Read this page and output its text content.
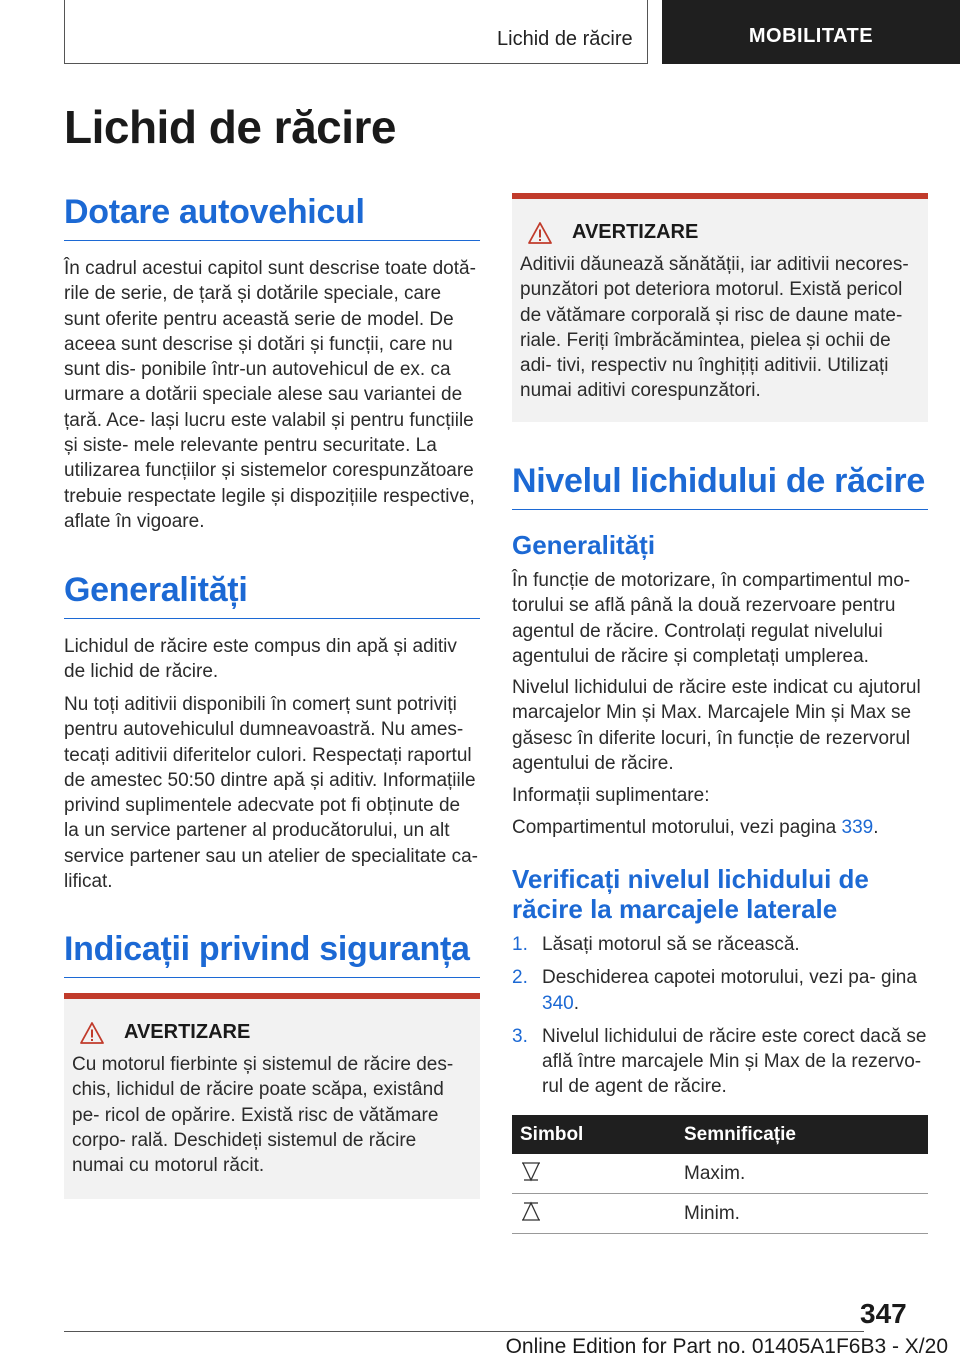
Lichid de răcire	MOBILITATE
Lichid de răcire
Dotare autovehicul

În cadrul acestui capitol sunt descrise toate dotă- rile de serie, de țară și dotările speciale, care sunt oferite pentru această serie de model. De aceea sunt descrise și dotări și funcții, care nu sunt dis- ponibile într-un autovehicul de ex. ca urmare a dotării speciale alese sau variantei de țară. Ace- lași lucru este valabil și pentru funcțiile și siste- mele relevante pentru securitate. La utilizarea funcțiilor și sistemelor corespunzătoare trebuie respectate legile și dispozițiile respective, aflate în vigoare.

Generalități

Lichidul de răcire este compus din apă și aditiv de lichid de răcire.

Nu toți aditivii disponibili în comerț sunt potriviți pentru autovehiculul dumneavoastră. Nu ames- tecați aditivii diferitelor culori. Respectați raportul de amestec 50:50 dintre apă și aditiv. Informațiile privind suplimentele adecvate pot fi obținute de la un service partener al producătorului, un alt service partener sau un atelier de specialitate ca- lificat.

Indicații privind siguranța
AVERTIZARE

Cu motorul fierbinte și sistemul de răcire des- chis, lichidul de răcire poate scăpa, existând pe- ricol de opărire. Există risc de vătămare corpo- rală. Deschideți sistemul de răcire numai cu motorul răcit.

AVERTIZARE

Aditivii dăunează sănătății, iar aditivii necores- punzători pot deteriora motorul. Există pericol de vătămare corporală și risc de daune mate- riale. Feriți îmbrăcămintea, pielea și ochii de adi- tivi, respectiv nu înghițiți aditivii. Utilizați numai aditivi corespunzători.

Nivelul lichidului de răcire
Generalități

În funcție de motorizare, în compartimentul mo- torului se află până la două rezervoare pentru agentul de răcire. Controlați regulat nivelului agentului de răcire și completați umplerea.

Nivelul lichidului de răcire este indicat cu ajutorul marcajelor Min și Max. Marcajele Min și Max se găsesc în diferite locuri, în funcție de rezervorul agentului de răcire.

Informații suplimentare:

Compartimentul motorului, vezi pagina 339.

Verificați nivelul lichidului de răcire la marcajele laterale
1. Lăsați motorul să se răcească.
2. Deschiderea capotei motorului, vezi pa- gina 340.
3. Nivelul lichidului de răcire este corect dacă se află între marcajele Min și Max de la rezervo- rul de agent de răcire.
Simbol	Semnificație
	Maxim.
	Minim.
347
Online Edition for Part no. 01405A1F6B3 - X/20
